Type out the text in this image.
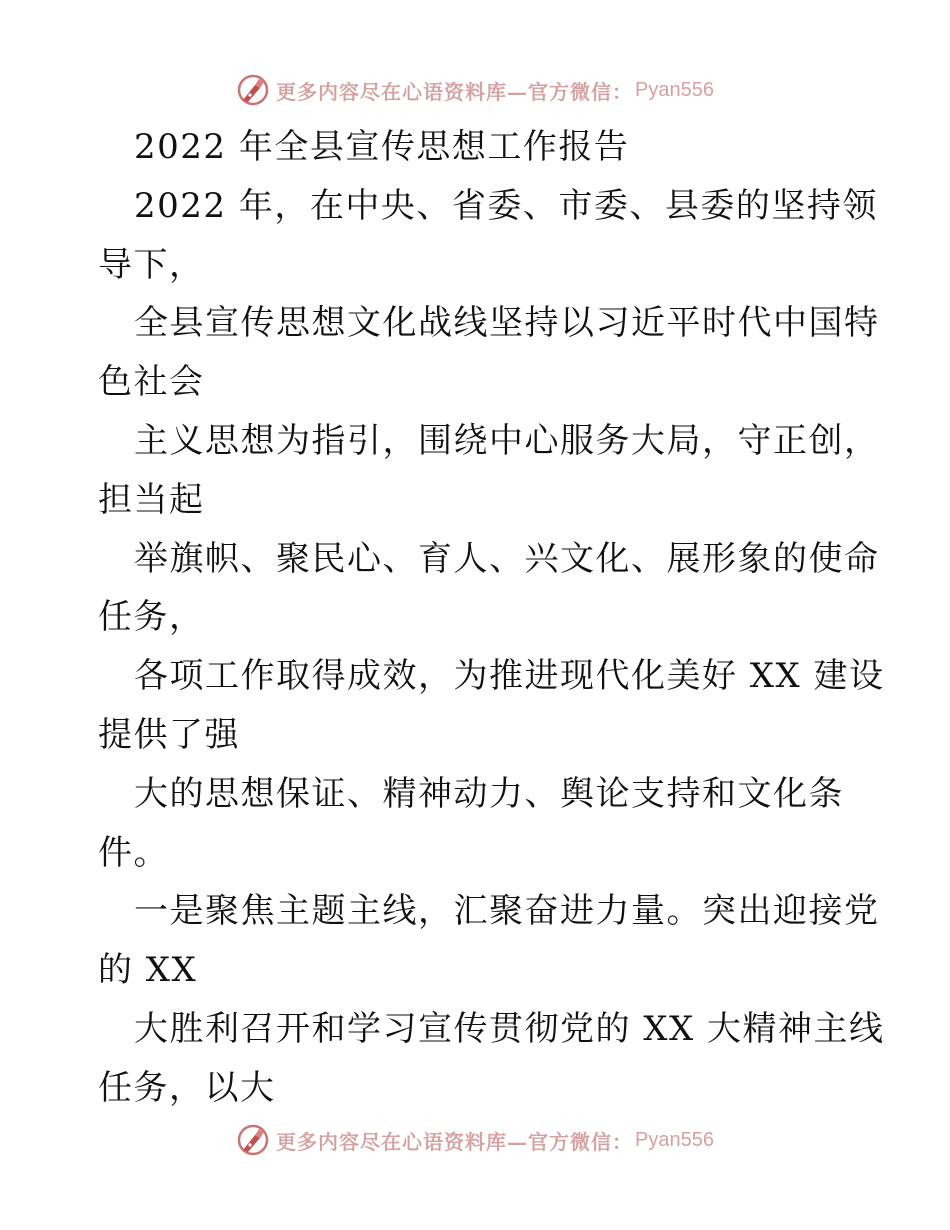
更多内容尽在心语资料库—官方微信： Pyan556
2022 年全县宣传思想工作报告
2022 年，在中央、省委、市委、县委的坚持领
导下，
全县宣传思想文化战线坚持以习近平时代中国特
色社会
主义思想为指引，围绕中心服务大局，守正创，
担当起
举旗帜、聚民心、育人、兴文化、展形象的使命
任务，
各项工作取得成效，为推进现代化美好 XX 建设
提供了强
大的思想保证、精神动力、舆论支持和文化条
件。
一是聚焦主题主线，汇聚奋进力量。突出迎接党
的 XX
大胜利召开和学习宣传贯彻党的 XX 大精神主线
任务，以大
更多内容尽在心语资料库—官方微信： Pyan556
